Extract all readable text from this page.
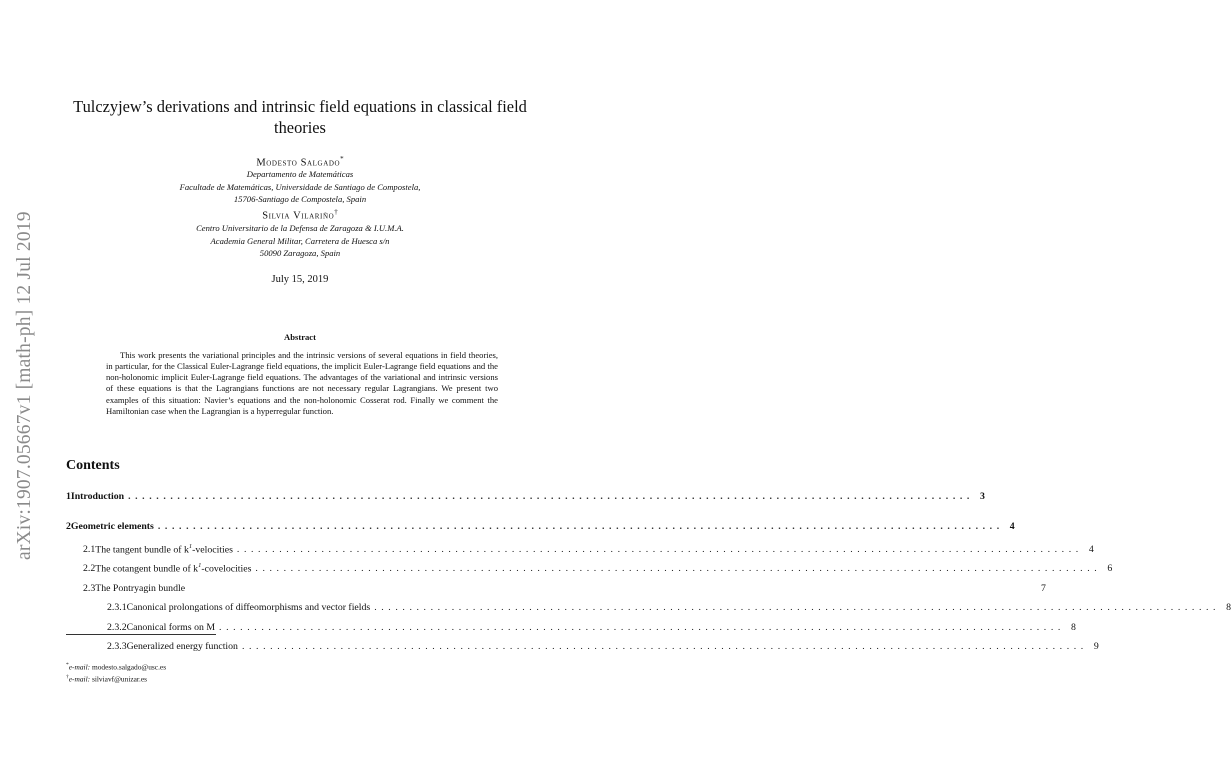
arXiv:1907.05667v1 [math-ph] 12 Jul 2019
Tulczyjew’s derivations and intrinsic field equations in classical field theories
Modesto Salgado*
Departamento de Matemáticas
Facultade de Matemáticas, Universidade de Santiago de Compostela,
15706-Santiago de Compostela, Spain
Silvia Vilariño†
Centro Universitario de la Defensa de Zaragoza & I.U.M.A.
Academia General Militar, Carretera de Huesca s/n
50090 Zaragoza, Spain
July 15, 2019
Abstract

This work presents the variational principles and the intrinsic versions of several equations in field theories, in particular, for the Classical Euler-Lagrange field equations, the implicit Euler-Lagrange field equations and the non-holonomic implicit Euler-Lagrange field equations. The advantages of the variational and intrinsic versions of these equations is that the Lagrangians functions are not necessary regular Lagrangians. We present two examples of this situation: Navier’s equations and the non-holonomic Cosserat rod. Finally we comment the Hamiltonian case when the Lagrangian is a hyperregular function.

Contents
1 Introduction ........................................................................................................................ 3
2 Geometric elements ........................................................................................................................ 4
2.1 The tangent bundle of $k^1$-velocities ........................................................................................................................ 4
2.2 The cotangent bundle of $k^1$-covelocities ........................................................................................................................ 6
2.3 The Pontryagin bundle	7
2.3.1 Canonical prolongations of diffeomorphisms and vector fields ........................................................................................................................ 8
2.3.2 Canonical forms on M ........................................................................................................................ 8
2.3.3 Generalized energy function ........................................................................................................................ 9
*e-mail: modesto.salgado@usc.es
†e-mail: silviavf@unizar.es
